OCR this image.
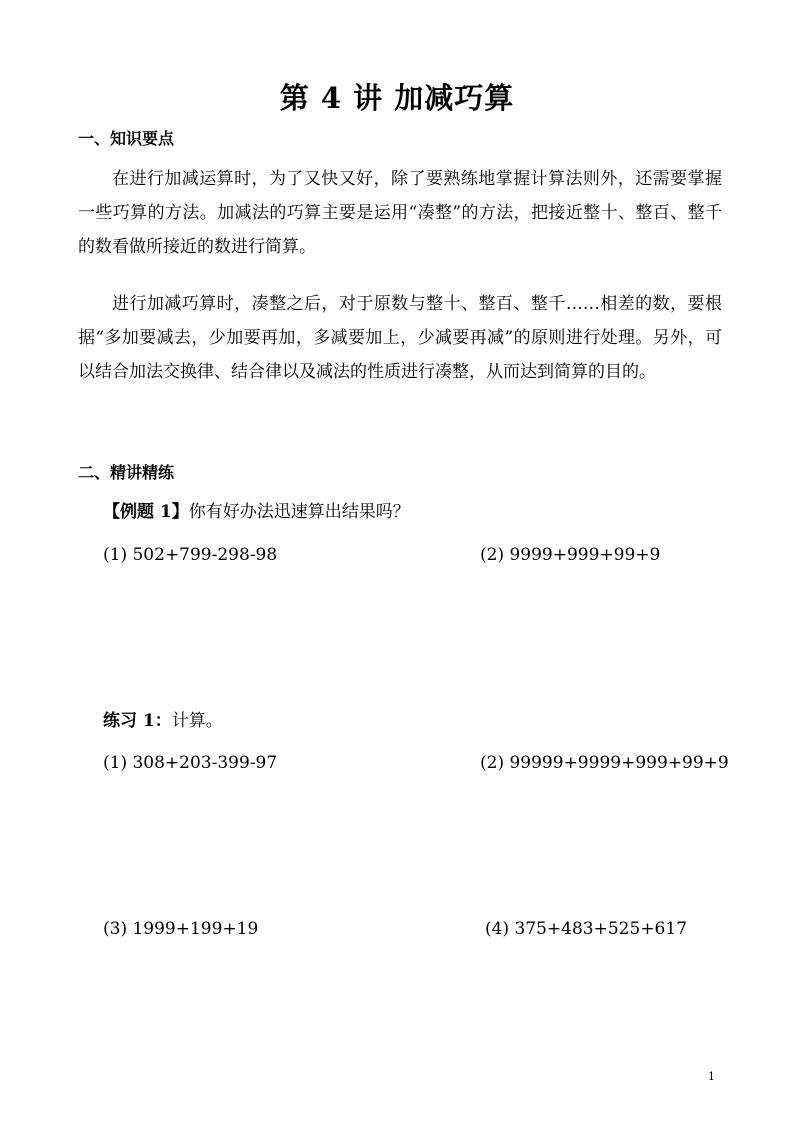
第 4 讲 加减巧算
一、知识要点
在进行加减运算时，为了又快又好，除了要熟练地掌握计算法则外，还需要掌握一些巧算的方法。加减法的巧算主要是运用“凑整”的方法，把接近整十、整百、整千的数看做所接近的数进行简算。
进行加减巧算时，凑整之后，对于原数与整十、整百、整千……相差的数，要根据“多加要减去，少加要再加，多减要加上，少减要再减”的原则进行处理。另外，可以结合加法交换律、结合律以及减法的性质进行凑整，从而达到简算的目的。
二、精讲精练
【例题 1】你有好办法迅速算出结果吗？
(1) 502+799-298-98	(2) 9999+999+99+9
练习 1：计算。
(1) 308+203-399-97	(2) 99999+9999+999+99+9
(3) 1999+199+19	(4) 375+483+525+617
1
